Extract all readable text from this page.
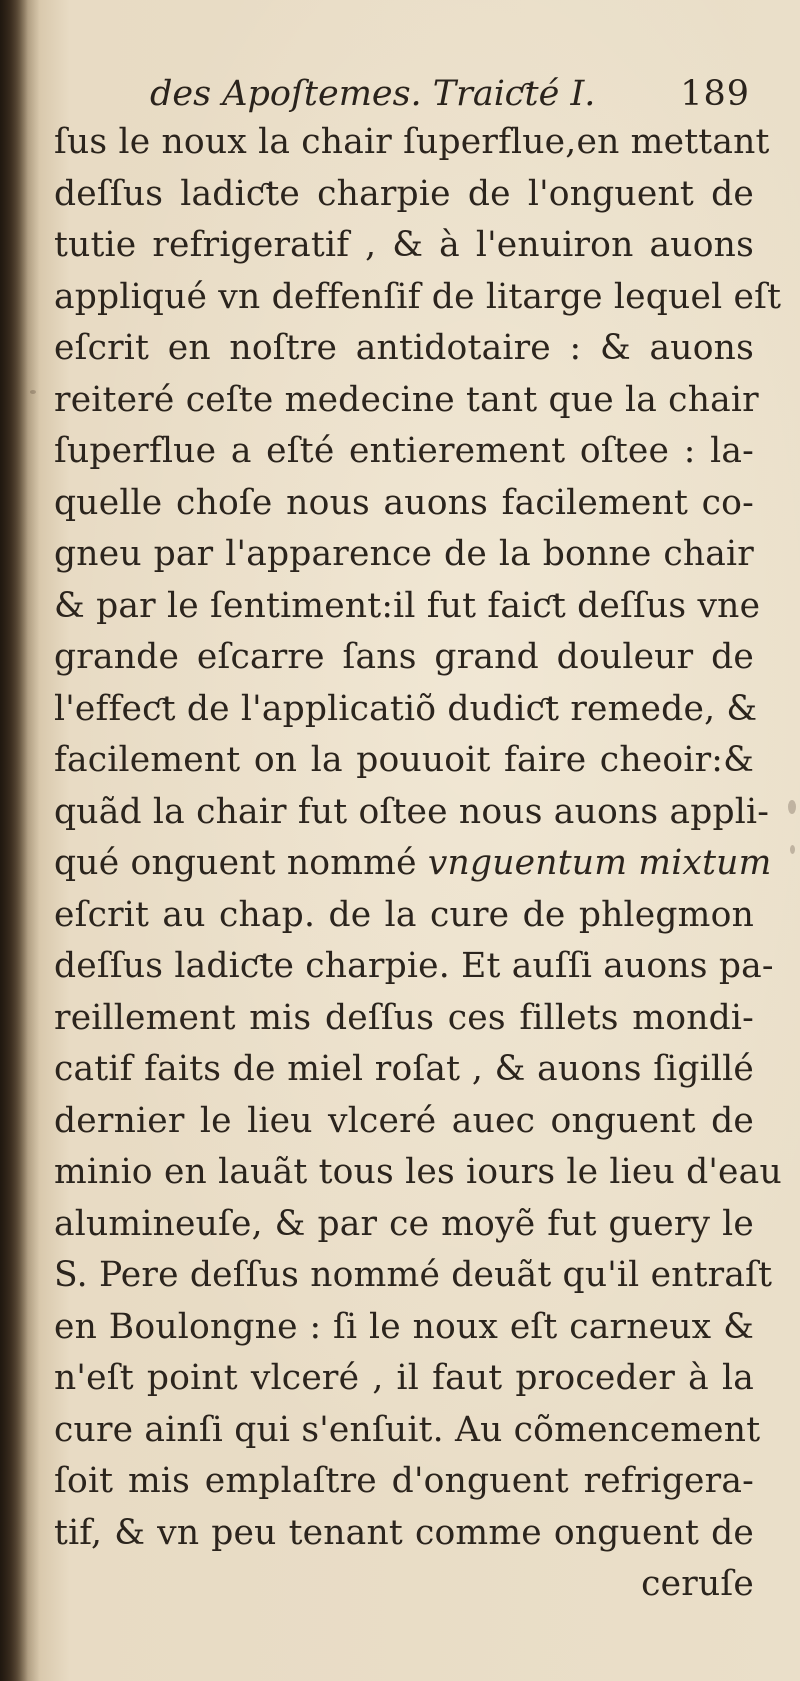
des Apoſtemes. Traiƈté I. 189
ſus le noux la chair ſuperflue,en mettant
deſſus ladiƈte charpie de l'onguent de
tutie refrigeratif , & à l'enuiron auons
appliqué vn deffenſif de litarge lequel eſt
eſcrit en noſtre antidotaire : & auons
reiteré ceſte medecine tant que la chair
ſuperflue a eſté entierement oſtee : la-
quelle choſe nous auons facilement co-
gneu par l'apparence de la bonne chair
& par le ſentiment:il fut faiƈt deſſus vne
grande eſcarre ſans grand douleur de
l'effeƈt de l'applicatiõ dudiƈt remede, &
facilement on la pouuoit faire cheoir:&
quãd la chair fut oſtee nous auons appli-
qué onguent nommé vnguentum mixtum
eſcrit au chap. de la cure de phlegmon
deſſus ladiƈte charpie. Et auſſi auons pa-
reillement mis deſſus ces fillets mondi-
catif faits de miel roſat , & auons ſigillé
dernier le lieu vlceré auec onguent de
minio en lauãt tous les iours le lieu d'eau
alumineuſe, & par ce moyẽ fut guery le
S. Pere deſſus nommé deuãt qu'il entraſt
en Boulongne : ſi le noux eſt carneux &
n'eſt point vlceré , il faut proceder à la
cure ainſi qui s'enſuit. Au cõmencement
ſoit mis emplaſtre d'onguent refrigera-
tif, & vn peu tenant comme onguent de
ceruſe
